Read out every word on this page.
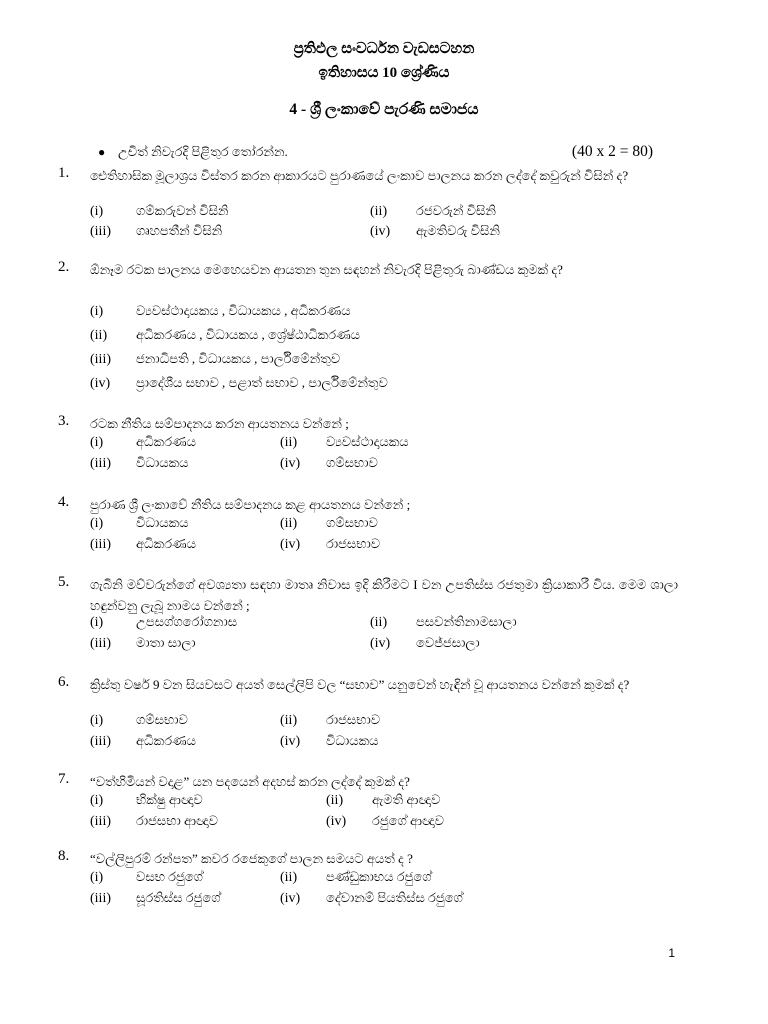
ප්‍රතිඵල සංවර්ධන වැඩසටහන
ඉතිහාසය 10 ශ්‍රේණිය
4 - ශ්‍රී ලංකාවේ පැරණි සමාජය
● උචිත් නිවැරදි පිළිතුර තෝරන්න.	(40 x 2 = 80)
1. ඓතිහාසික මූලාශ්‍රය විස්තර කරන ආකාරයට පුරාණයේ ලංකාව පාලනය කරන ලද්දේ කවුරුන් විසින් ද?
(i)	ගම්කරුවන් විසිනි	(ii) රජවරුන් විසිනි
(iii) ගෘහපතීන් විසිනි	(iv) ඇමතිවරු විසිනි
2. ඕනෑම රටක පාලනය මෙහෙයවන ආයතන තුන සඳහන් නිවැරදි පිළිතුරු බාණ්ඩය කුමක් ද?
(i)	ව්‍යවස්ථාදායකය , විධායකය , අධිකරණය
(ii) අධිකරණය , විධායකය , ශ්‍රේෂ්ඨාධිකරණය
(iii) ජනාධිපති , විධායකය , පාර්ලිමේන්තුව
(iv) ප්‍රාදේශීය සභාව , පළාත් සභාව , පාර්ලිමේන්තුව
3. රටක නීතිය සම්පාදනය කරන ආයතනය වන්නේ ;
(i)	අධිකරණය	(ii) ව්‍යවස්ථාදායකය
(iii) විධායකය	(iv) ගම්සභාව
4. පුරාණ ශ්‍රී ලංකාවේ නීතිය සම්පාදනය කළ ආයතනය වන්නේ ;
(i)	විධායකය	(ii) ගම්සභාව
(iii) අධිකරණය	(iv) රාජසභාව
5. ගැබිනි මව්වරුන්ගේ අවශ්‍යතා සඳහා මාතෘ නිවාස ඉදි කිරීමට I වන උපතිස්ස රජතුමා ක්‍රියාකාරී විය. මෙම ශාලා හඳුන්වනු ලැබූ නාමය වන්නේ ;
(i)	උපසග්ගරෝගනාස	(ii) පසවන්තිනාමසාලා
(iii) මාතා සාලා	(iv) වෙජ්ජසාලා
6. ක්‍රිස්තු වර්ෂ 9 වන සියවසට අයත් සෙල්ලිපි වල “සභාව” යනුවෙන් හැඳින් වූ ආයතනය වන්නේ කුමක් ද?
(i)	ගම්සභාව	(ii) රාජසභාව
(iii) අධිකරණය	(iv) විධායකය
7. “වත්හිමියන් වදාළ” යන පදයෙන් අදහස් කරන ලද්දේ කුමක් ද?
(i)	භික්ෂු ආඥාව	(ii) ඇමති ආඥාව
(iii) රාජසභා ආඥාව	(iv) රජුගේ ආඥාව
8. “වල්ලිපුරම් රන්පත” කවර රජෙකුගේ පාලන සමයට අයත් ද ?
(i)	වසභ රජුගේ	(ii) පණ්ඩුකාභය රජුගේ
(iii) සූරතිස්ස රජුගේ	(iv) දේවානම් පියතිස්ස රජුගේ
1
